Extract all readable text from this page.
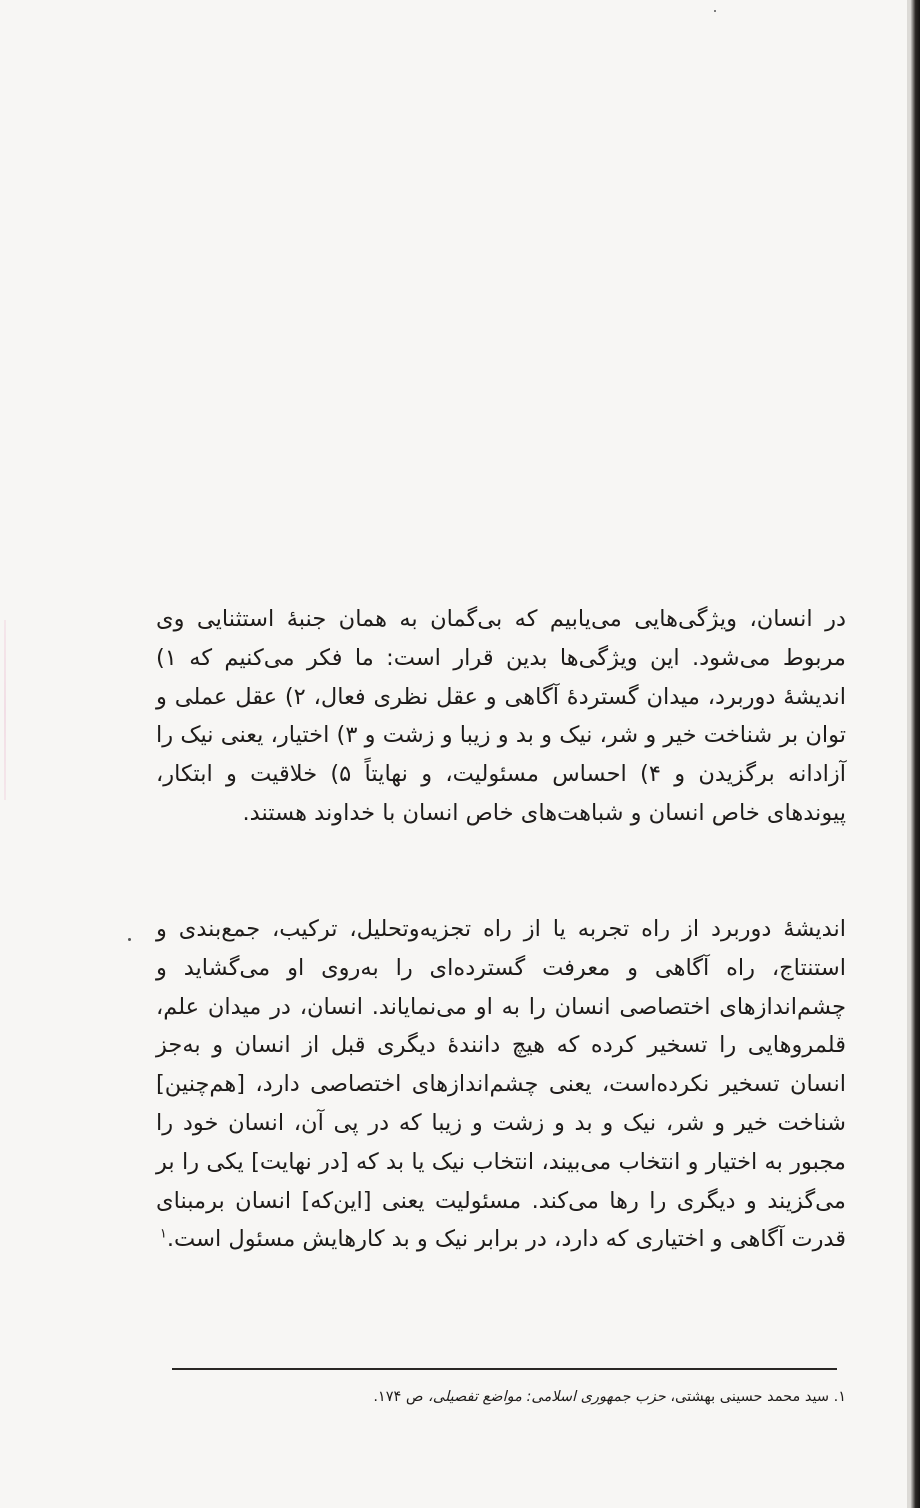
در انسان، ویژگی‌هایی می‌یابیم که بی‌گمان به همان جنبهٔ استثنایی وی مربوط می‌شود. این ویژگی‌ها بدین قرار است: ما فکر می‌کنیم که ۱) اندیشهٔ دوربرد، میدان گستردهٔ آگاهی و عقل نظری فعال، ۲) عقل عملی و توان بر شناخت خیر و شر، نیک و بد و زیبا و زشت و ۳) اختیار، یعنی نیک را آزادانه برگزیدن و ۴) احساس مسئولیت، و نهایتاً ۵) خلاقیت و ابتکار، پیوندهای خاص انسان و شباهت‌های خاص انسان با خداوند هستند.

اندیشهٔ دوربرد از راه تجربه یا از راه تجزیه‌وتحلیل، ترکیب، جمع‌بندی و استنتاج، راه آگاهی و معرفت گسترده‌ای را به‌روی او می‌گشاید و چشم‌اندازهای اختصاصی انسان را به او می‌نمایاند. انسان، در میدان علم، قلمروهایی را تسخیر کرده که هیچ دانندهٔ دیگری قبل از انسان و به‌جز انسان تسخیر نکرده‌است، یعنی چشم‌اندازهای اختصاصی دارد، [هم‌چنین] شناخت خیر و شر، نیک و بد و زشت و زیبا که در پی آن، انسان خود را مجبور به اختیار و انتخاب می‌بیند، انتخاب نیک یا بد که [در نهایت] یکی را بر می‌گزیند و دیگری را رها می‌کند. مسئولیت یعنی [این‌که] انسان برمبنای قدرت آگاهی و اختیاری که دارد، در برابر نیک و بد کارهایش مسئول است.$^۱$

۱. سید محمد حسینی بهشتی، حزب جمهوری اسلامی: مواضع تفصیلی، ص ۱۷۴.
